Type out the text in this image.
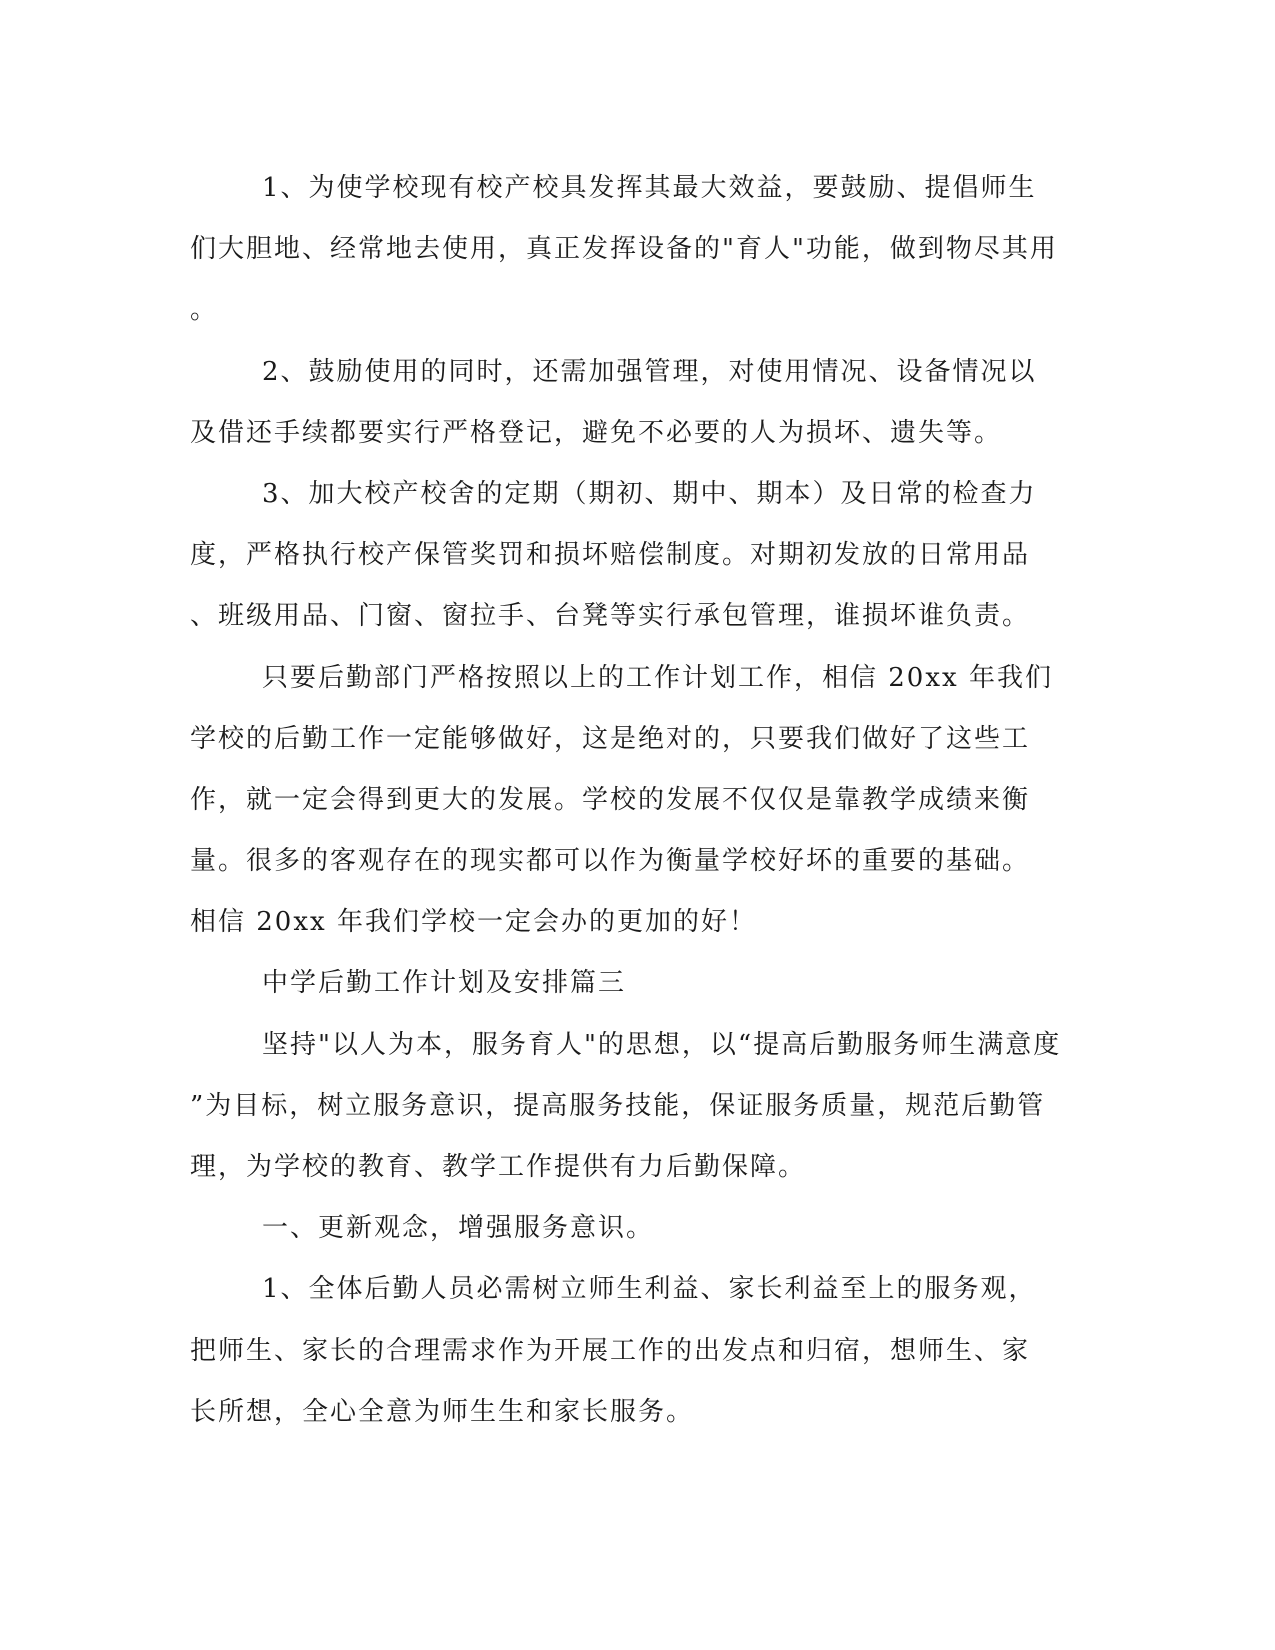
1、为使学校现有校产校具发挥其最大效益，要鼓励、提倡师生
们大胆地、经常地去使用，真正发挥设备的"育人"功能，做到物尽其用
。
2、鼓励使用的同时，还需加强管理，对使用情况、设备情况以
及借还手续都要实行严格登记，避免不必要的人为损坏、遗失等。
3、加大校产校舍的定期（期初、期中、期本）及日常的检查力
度，严格执行校产保管奖罚和损坏赔偿制度。对期初发放的日常用品
、班级用品、门窗、窗拉手、台凳等实行承包管理，谁损坏谁负责。
只要后勤部门严格按照以上的工作计划工作，相信 20xx 年我们
学校的后勤工作一定能够做好，这是绝对的，只要我们做好了这些工
作，就一定会得到更大的发展。学校的发展不仅仅是靠教学成绩来衡
量。很多的客观存在的现实都可以作为衡量学校好坏的重要的基础。
相信 20xx 年我们学校一定会办的更加的好！
中学后勤工作计划及安排篇三
坚持"以人为本，服务育人"的思想，以“提高后勤服务师生满意度
”为目标，树立服务意识，提高服务技能，保证服务质量，规范后勤管
理，为学校的教育、教学工作提供有力后勤保障。
一、更新观念，增强服务意识。
1、全体后勤人员必需树立师生利益、家长利益至上的服务观，
把师生、家长的合理需求作为开展工作的出发点和归宿，想师生、家
长所想，全心全意为师生生和家长服务。
